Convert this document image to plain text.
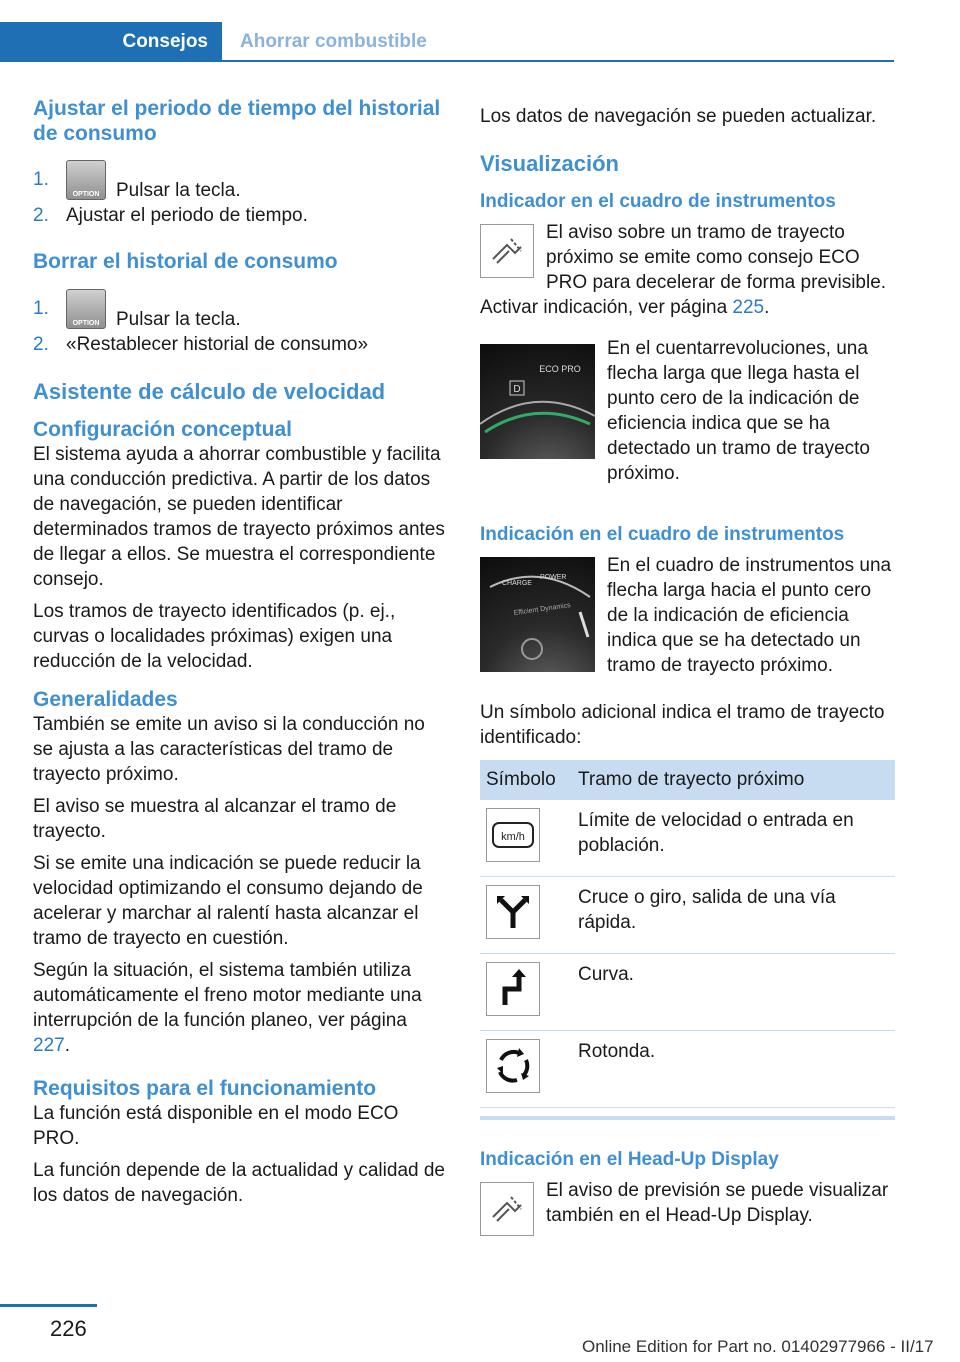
Consejos	Ahorrar combustible
Ajustar el periodo de tiempo del historial de consumo
1.
OPTION Pulsar la tecla.
2. Ajustar el periodo de tiempo.
Borrar el historial de consumo
1.
OPTION Pulsar la tecla.
2. «Restablecer historial de consumo»
Asistente de cálculo de velocidad
Configuración conceptual

El sistema ayuda a ahorrar combustible y facilita una conducción predictiva. A partir de los datos de navegación, se pueden identificar determinados tramos de trayecto próximos antes de llegar a ellos. Se muestra el correspondiente consejo.

Los tramos de trayecto identificados (p. ej., curvas o localidades próximas) exigen una reducción de la velocidad.

Generalidades

También se emite un aviso si la conducción no se ajusta a las características del tramo de trayecto próximo.

El aviso se muestra al alcanzar el tramo de trayecto.

Si se emite una indicación se puede reducir la velocidad optimizando el consumo dejando de acelerar y marchar al ralentí hasta alcanzar el tramo de trayecto en cuestión.

Según la situación, el sistema también utiliza automáticamente el freno motor mediante una interrupción de la función planeo, ver página 227.

Requisitos para el funcionamiento

La función está disponible en el modo ECO PRO.

La función depende de la actualidad y calidad de los datos de navegación.

Los datos de navegación se pueden actualizar.

Visualización
Indicador en el cuadro de instrumentos

El aviso sobre un tramo de trayecto próximo se emite como consejo ECO PRO para decelerar de forma previsible. Activar indicación, ver página 225.

D
ECO PRO

En el cuentarrevoluciones, una flecha larga que llega hasta el punto cero de la indicación de eficiencia indica que se ha detectado un tramo de trayecto próximo.

Indicación en el cuadro de instrumentos
CHARGE
POWER
Efficient Dynamics

En el cuadro de instrumentos una flecha larga hacia el punto cero de la indicación de eficiencia indica que se ha detectado un tramo de trayecto próximo.

Un símbolo adicional indica el tramo de trayecto identificado:

Símbolo	Tramo de trayecto próximo

km/h	Límite de velocidad o entrada en población.

	Cruce o giro, salida de una vía rápida.

	Curva.

	Rotonda.
Indicación en el Head-Up Display

El aviso de previsión se puede visualizar también en el Head-Up Display.

226
Online Edition for Part no. 01402977966 - II/17
